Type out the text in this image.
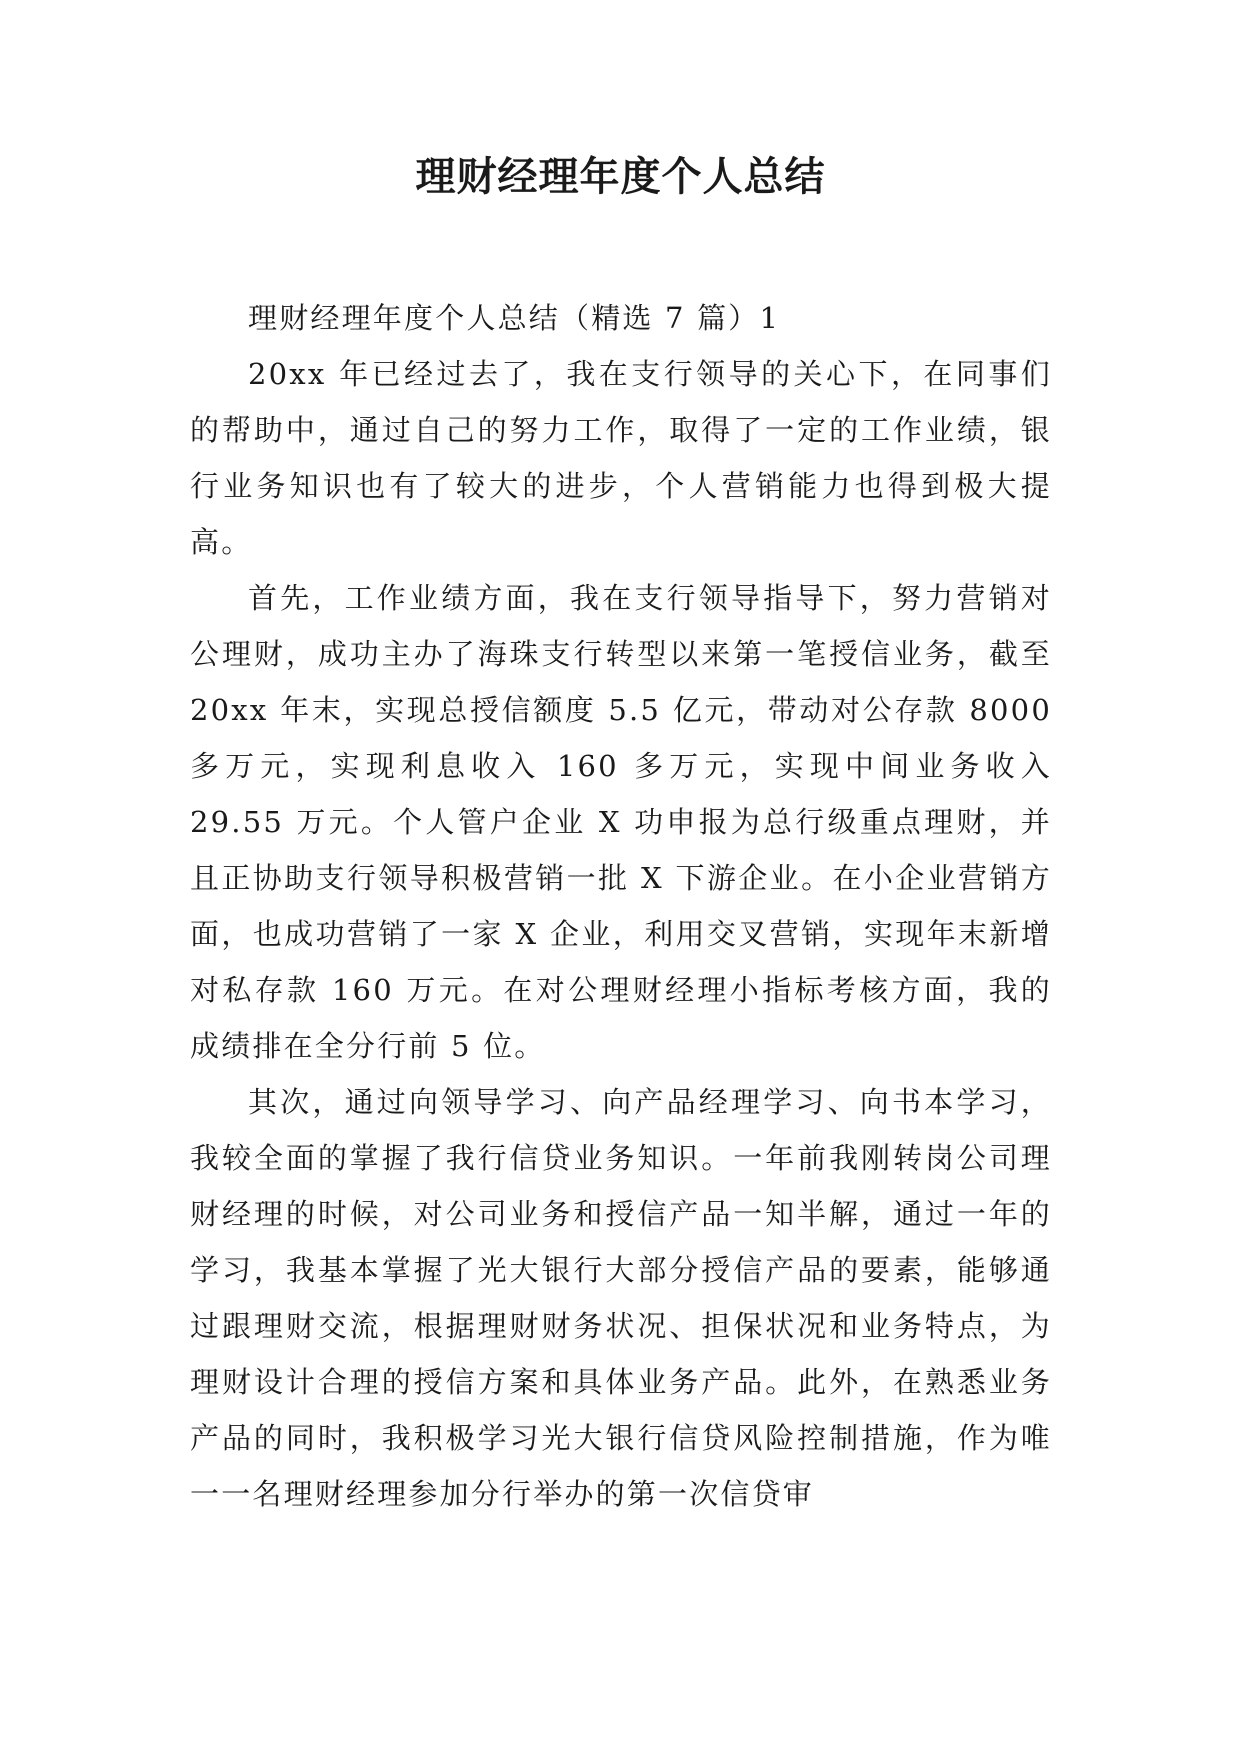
理财经理年度个人总结

理财经理年度个人总结（精选 7 篇）1

20xx 年已经过去了，我在支行领导的关心下，在同事们的帮助中，通过自己的努力工作，取得了一定的工作业绩，银行业务知识也有了较大的进步，个人营销能力也得到极大提高。

首先，工作业绩方面，我在支行领导指导下，努力营销对公理财，成功主办了海珠支行转型以来第一笔授信业务，截至 20xx 年末，实现总授信额度 5.5 亿元，带动对公存款 8000 多万元，实现利息收入 160 多万元，实现中间业务收入 29.55 万元。个人管户企业 X 功申报为总行级重点理财，并且正协助支行领导积极营销一批 X 下游企业。在小企业营销方面，也成功营销了一家 X 企业，利用交叉营销，实现年末新增对私存款 160 万元。在对公理财经理小指标考核方面，我的成绩排在全分行前 5 位。

其次，通过向领导学习、向产品经理学习、向书本学习，我较全面的掌握了我行信贷业务知识。一年前我刚转岗公司理财经理的时候，对公司业务和授信产品一知半解，通过一年的学习，我基本掌握了光大银行大部分授信产品的要素，能够通过跟理财交流，根据理财财务状况、担保状况和业务特点，为理财设计合理的授信方案和具体业务产品。此外，在熟悉业务产品的同时，我积极学习光大银行信贷风险控制措施，作为唯一一名理财经理参加分行举办的第一次信贷审
